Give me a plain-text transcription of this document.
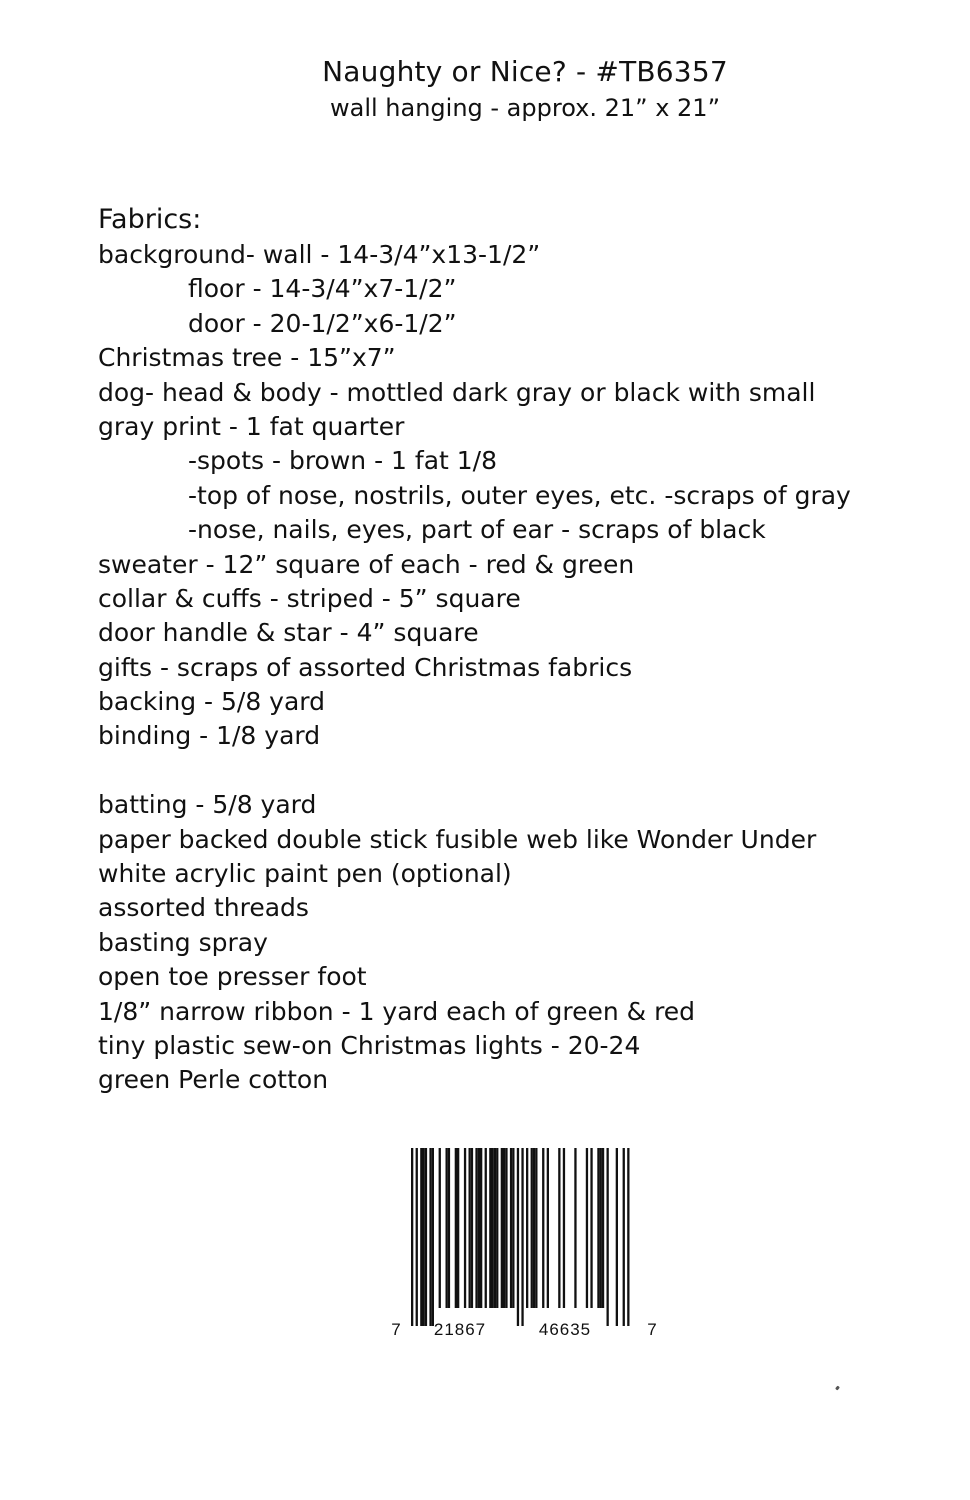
Naughty or Nice? - #TB6357
wall hanging - approx. 21” x 21”
Fabrics:
background- wall - 14-3/4”x13-1/2”
floor - 14-3/4”x7-1/2”
door - 20-1/2”x6-1/2”
Christmas tree - 15”x7”
dog- head & body - mottled dark gray or black with small
gray print - 1 fat quarter
-spots - brown - 1 fat 1/8
-top of nose, nostrils, outer eyes, etc. -scraps of gray
-nose, nails, eyes, part of ear - scraps of black
sweater - 12” square of each - red & green
collar & cuffs - striped - 5” square
door handle & star - 4” square
gifts - scraps of assorted Christmas fabrics
backing - 5/8 yard
binding - 1/8 yard
batting - 5/8 yard
paper backed double stick fusible web like Wonder Under
white acrylic paint pen (optional)
assorted threads
basting spray
open toe presser foot
1/8” narrow ribbon - 1 yard each of green & red
tiny plastic sew-on Christmas lights - 20-24
green Perle cotton
7 21867	46635	7
